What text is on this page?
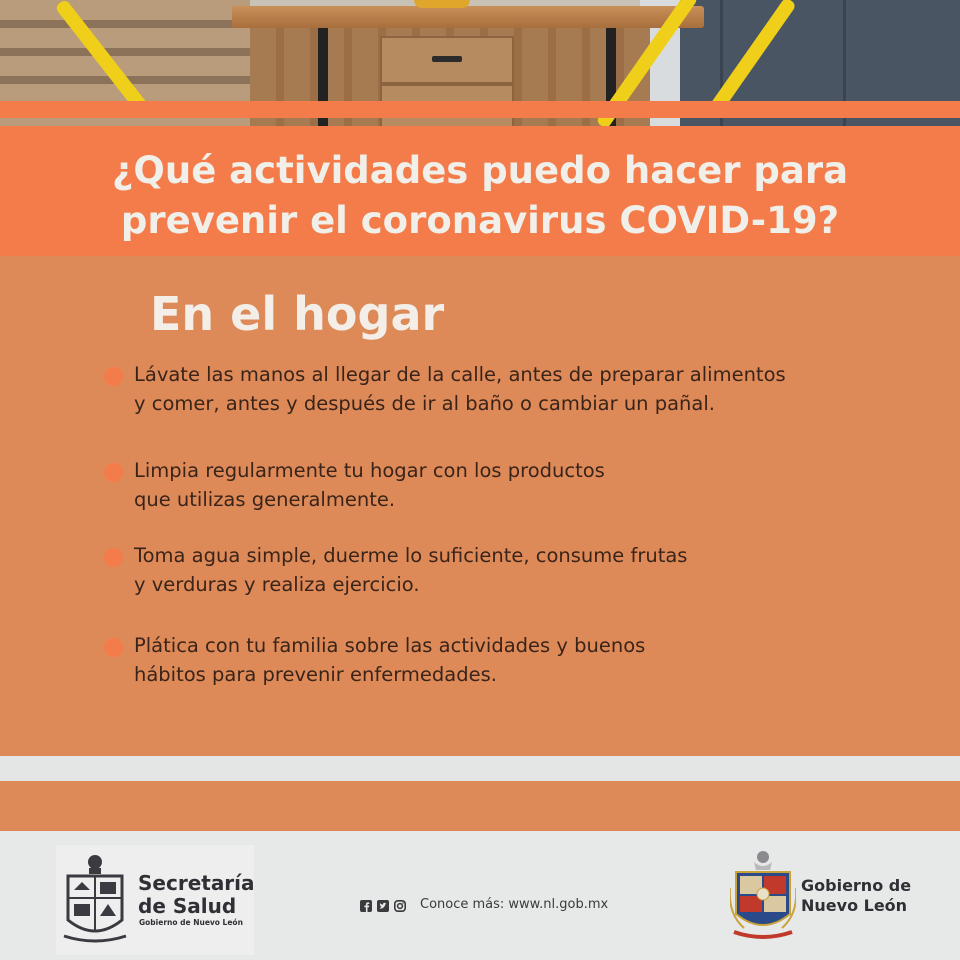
¿Qué actividades puedo hacer para
prevenir el coronavirus COVID-19?
En el hogar

Lávate las manos al llegar de la calle, antes de preparar alimentos
y comer, antes y después de ir al baño o cambiar un pañal.

Limpia regularmente tu hogar con los productos
que utilizas generalmente.

Toma agua simple, duerme lo suficiente, consume frutas
y verduras y realiza ejercicio.

Plática con tu familia sobre las actividades y buenos
hábitos para prevenir enfermedades.

Secretaría
de Salud

Gobierno de Nuevo León

Conoce más: www.nl.gob.mx

Gobierno de
Nuevo León
